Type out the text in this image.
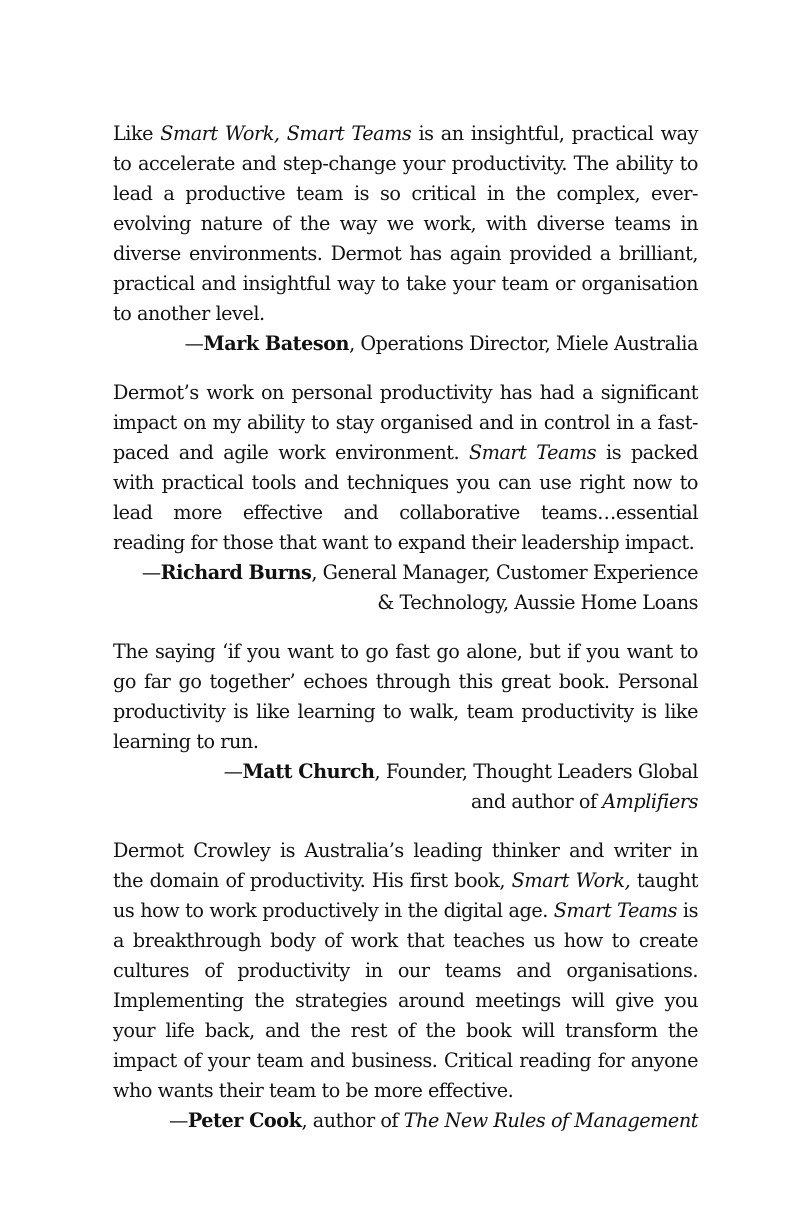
Like Smart Work, Smart Teams is an insightful, practical way to accelerate and step-change your productivity. The ability to lead a productive team is so critical in the complex, ever-evolving nature of the way we work, with diverse teams in diverse environments. Dermot has again provided a brilliant, practical and insightful way to take your team or organisation to another level.

—Mark Bateson, Operations Director, Miele Australia

Dermot’s work on personal productivity has had a significant impact on my ability to stay organised and in control in a fast-paced and agile work environment. Smart Teams is packed with practical tools and techniques you can use right now to lead more effective and collaborative teams…essential reading for those that want to expand their leadership impact.

—Richard Burns, General Manager, Customer Experience
& Technology, Aussie Home Loans

The saying ‘if you want to go fast go alone, but if you want to go far go together’ echoes through this great book. Personal productivity is like learning to walk, team productivity is like learning to run.

—Matt Church, Founder, Thought Leaders Global
and author of Amplifiers

Dermot Crowley is Australia’s leading thinker and writer in the domain of productivity. His first book, Smart Work, taught us how to work productively in the digital age. Smart Teams is a breakthrough body of work that teaches us how to create cultures of productivity in our teams and organisations. Implementing the strategies around meetings will give you your life back, and the rest of the book will transform the impact of your team and business. Critical reading for anyone who wants their team to be more effective.

—Peter Cook, author of The New Rules of Management
